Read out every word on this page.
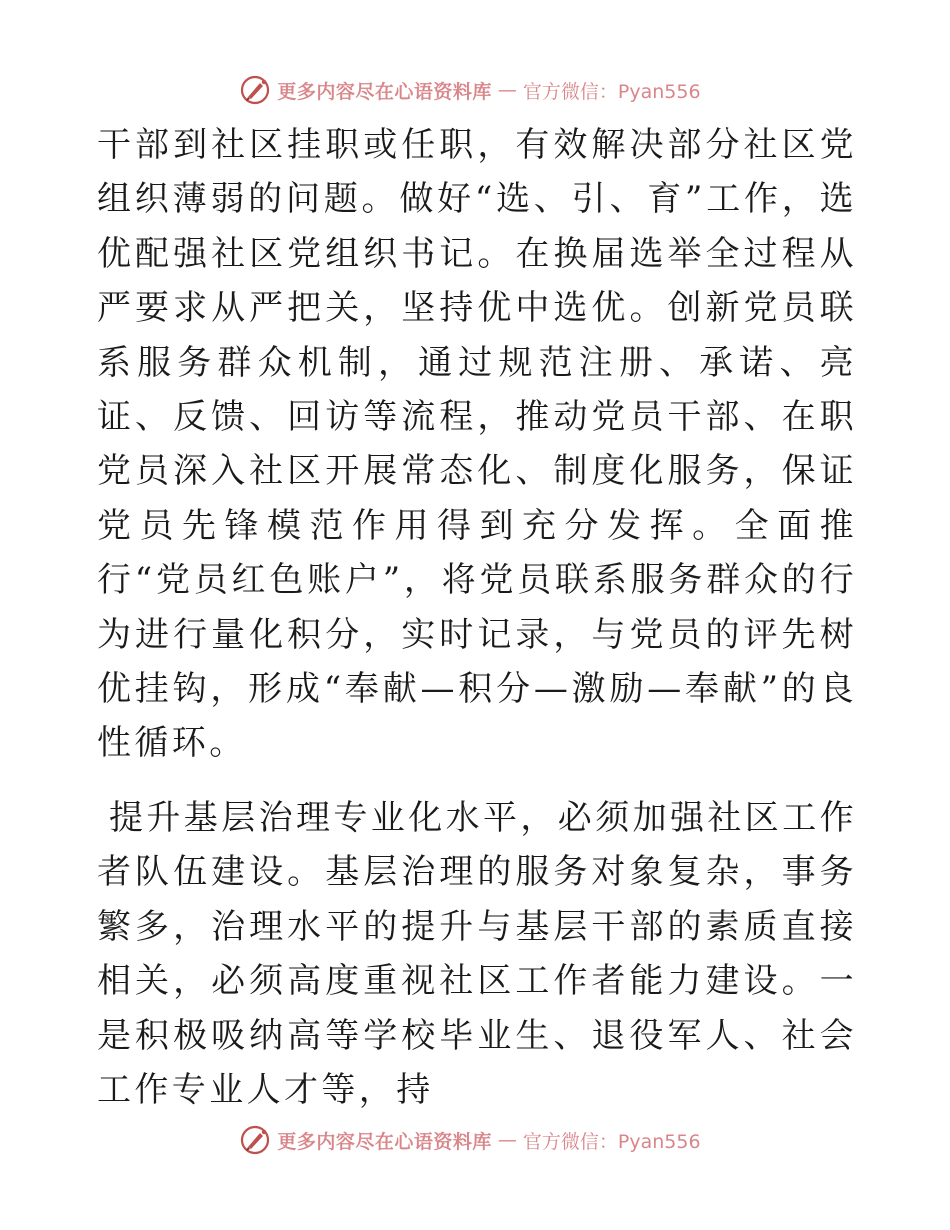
更多内容尽在心语资料库 — 官方微信：Pyan556

干部到社区挂职或任职，有效解决部分社区党组织薄弱的问题。做好“选、引、育”工作，选优配强社区党组织书记。在换届选举全过程从严要求从严把关，坚持优中选优。创新党员联系服务群众机制，通过规范注册、承诺、亮证、反馈、回访等流程，推动党员干部、在职党员深入社区开展常态化、制度化服务，保证党员先锋模范作用得到充分发挥。全面推行“党员红色账户”，将党员联系服务群众的行为进行量化积分，实时记录，与党员的评先树优挂钩，形成“奉献—积分—激励—奉献”的良性循环。

提升基层治理专业化水平，必须加强社区工作者队伍建设。基层治理的服务对象复杂，事务繁多，治理水平的提升与基层干部的素质直接相关，必须高度重视社区工作者能力建设。一是积极吸纳高等学校毕业生、退役军人、社会工作专业人才等，持

更多内容尽在心语资料库 — 官方微信：Pyan556
